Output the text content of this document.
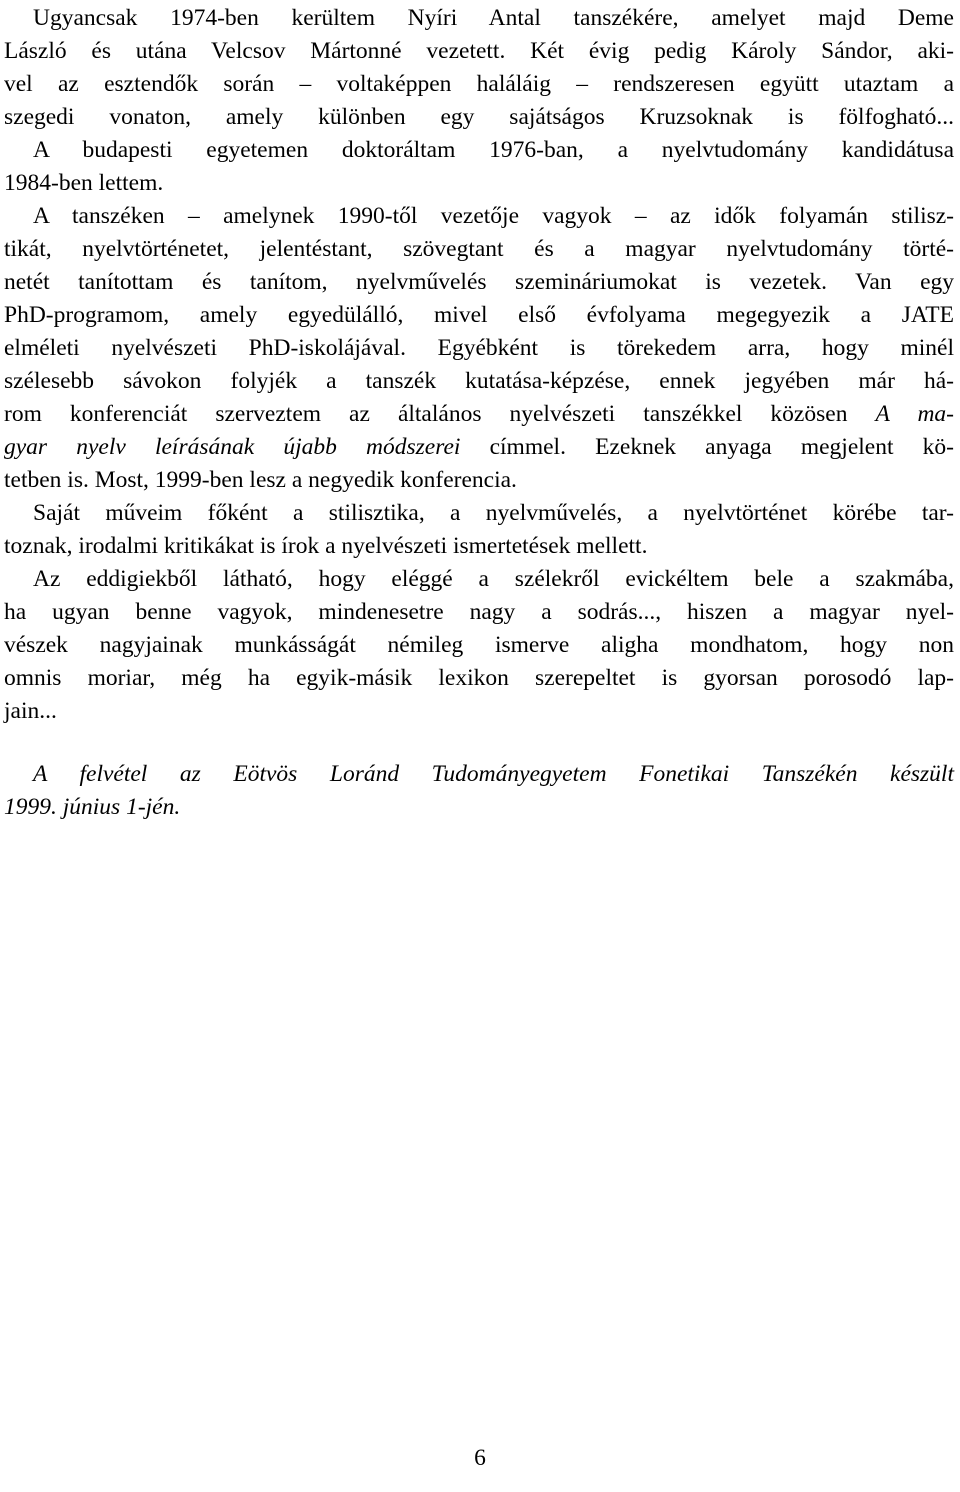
Ugyancsak 1974-ben kerültem Nyíri Antal tanszékére, amelyet majd Deme
László és utána Velcsov Mártonné vezetett. Két évig pedig Károly Sándor, aki-
vel az esztendők során – voltaképpen haláláig – rendszeresen együtt utaztam a
szegedi vonaton, amely különben egy sajátságos Kruzsoknak is fölfogható...
A budapesti egyetemen doktoráltam 1976-ban, a nyelvtudomány kandidátusa
1984-ben lettem.
A tanszéken – amelynek 1990-től vezetője vagyok – az idők folyamán stilisz-
tikát, nyelvtörténetet, jelentéstant, szövegtant és a magyar nyelvtudomány törté-
netét tanítottam és tanítom, nyelvművelés szemináriumokat is vezetek. Van egy
PhD-programom, amely egyedülálló, mivel első évfolyama megegyezik a JATE
elméleti nyelvészeti PhD-iskolájával. Egyébként is törekedem arra, hogy minél
szélesebb sávokon folyjék a tanszék kutatása-képzése, ennek jegyében már há-
rom konferenciát szerveztem az általános nyelvészeti tanszékkel közösen A ma-
gyar nyelv leírásának újabb módszerei címmel. Ezeknek anyaga megjelent kö-
tetben is. Most, 1999-ben lesz a negyedik konferencia.
Saját műveim főként a stilisztika, a nyelvművelés, a nyelvtörténet körébe tar-
toznak, irodalmi kritikákat is írok a nyelvészeti ismertetések mellett.
Az eddigiekből látható, hogy eléggé a szélekről evickéltem bele a szakmába,
ha ugyan benne vagyok, mindenesetre nagy a sodrás..., hiszen a magyar nyel-
vészek nagyjainak munkásságát némileg ismerve aligha mondhatom, hogy non
omnis moriar, még ha egyik-másik lexikon szerepeltet is gyorsan porosodó lap-
jain...
A felvétel az Eötvös Loránd Tudományegyetem Fonetikai Tanszékén készült
1999. június 1-jén.
6
